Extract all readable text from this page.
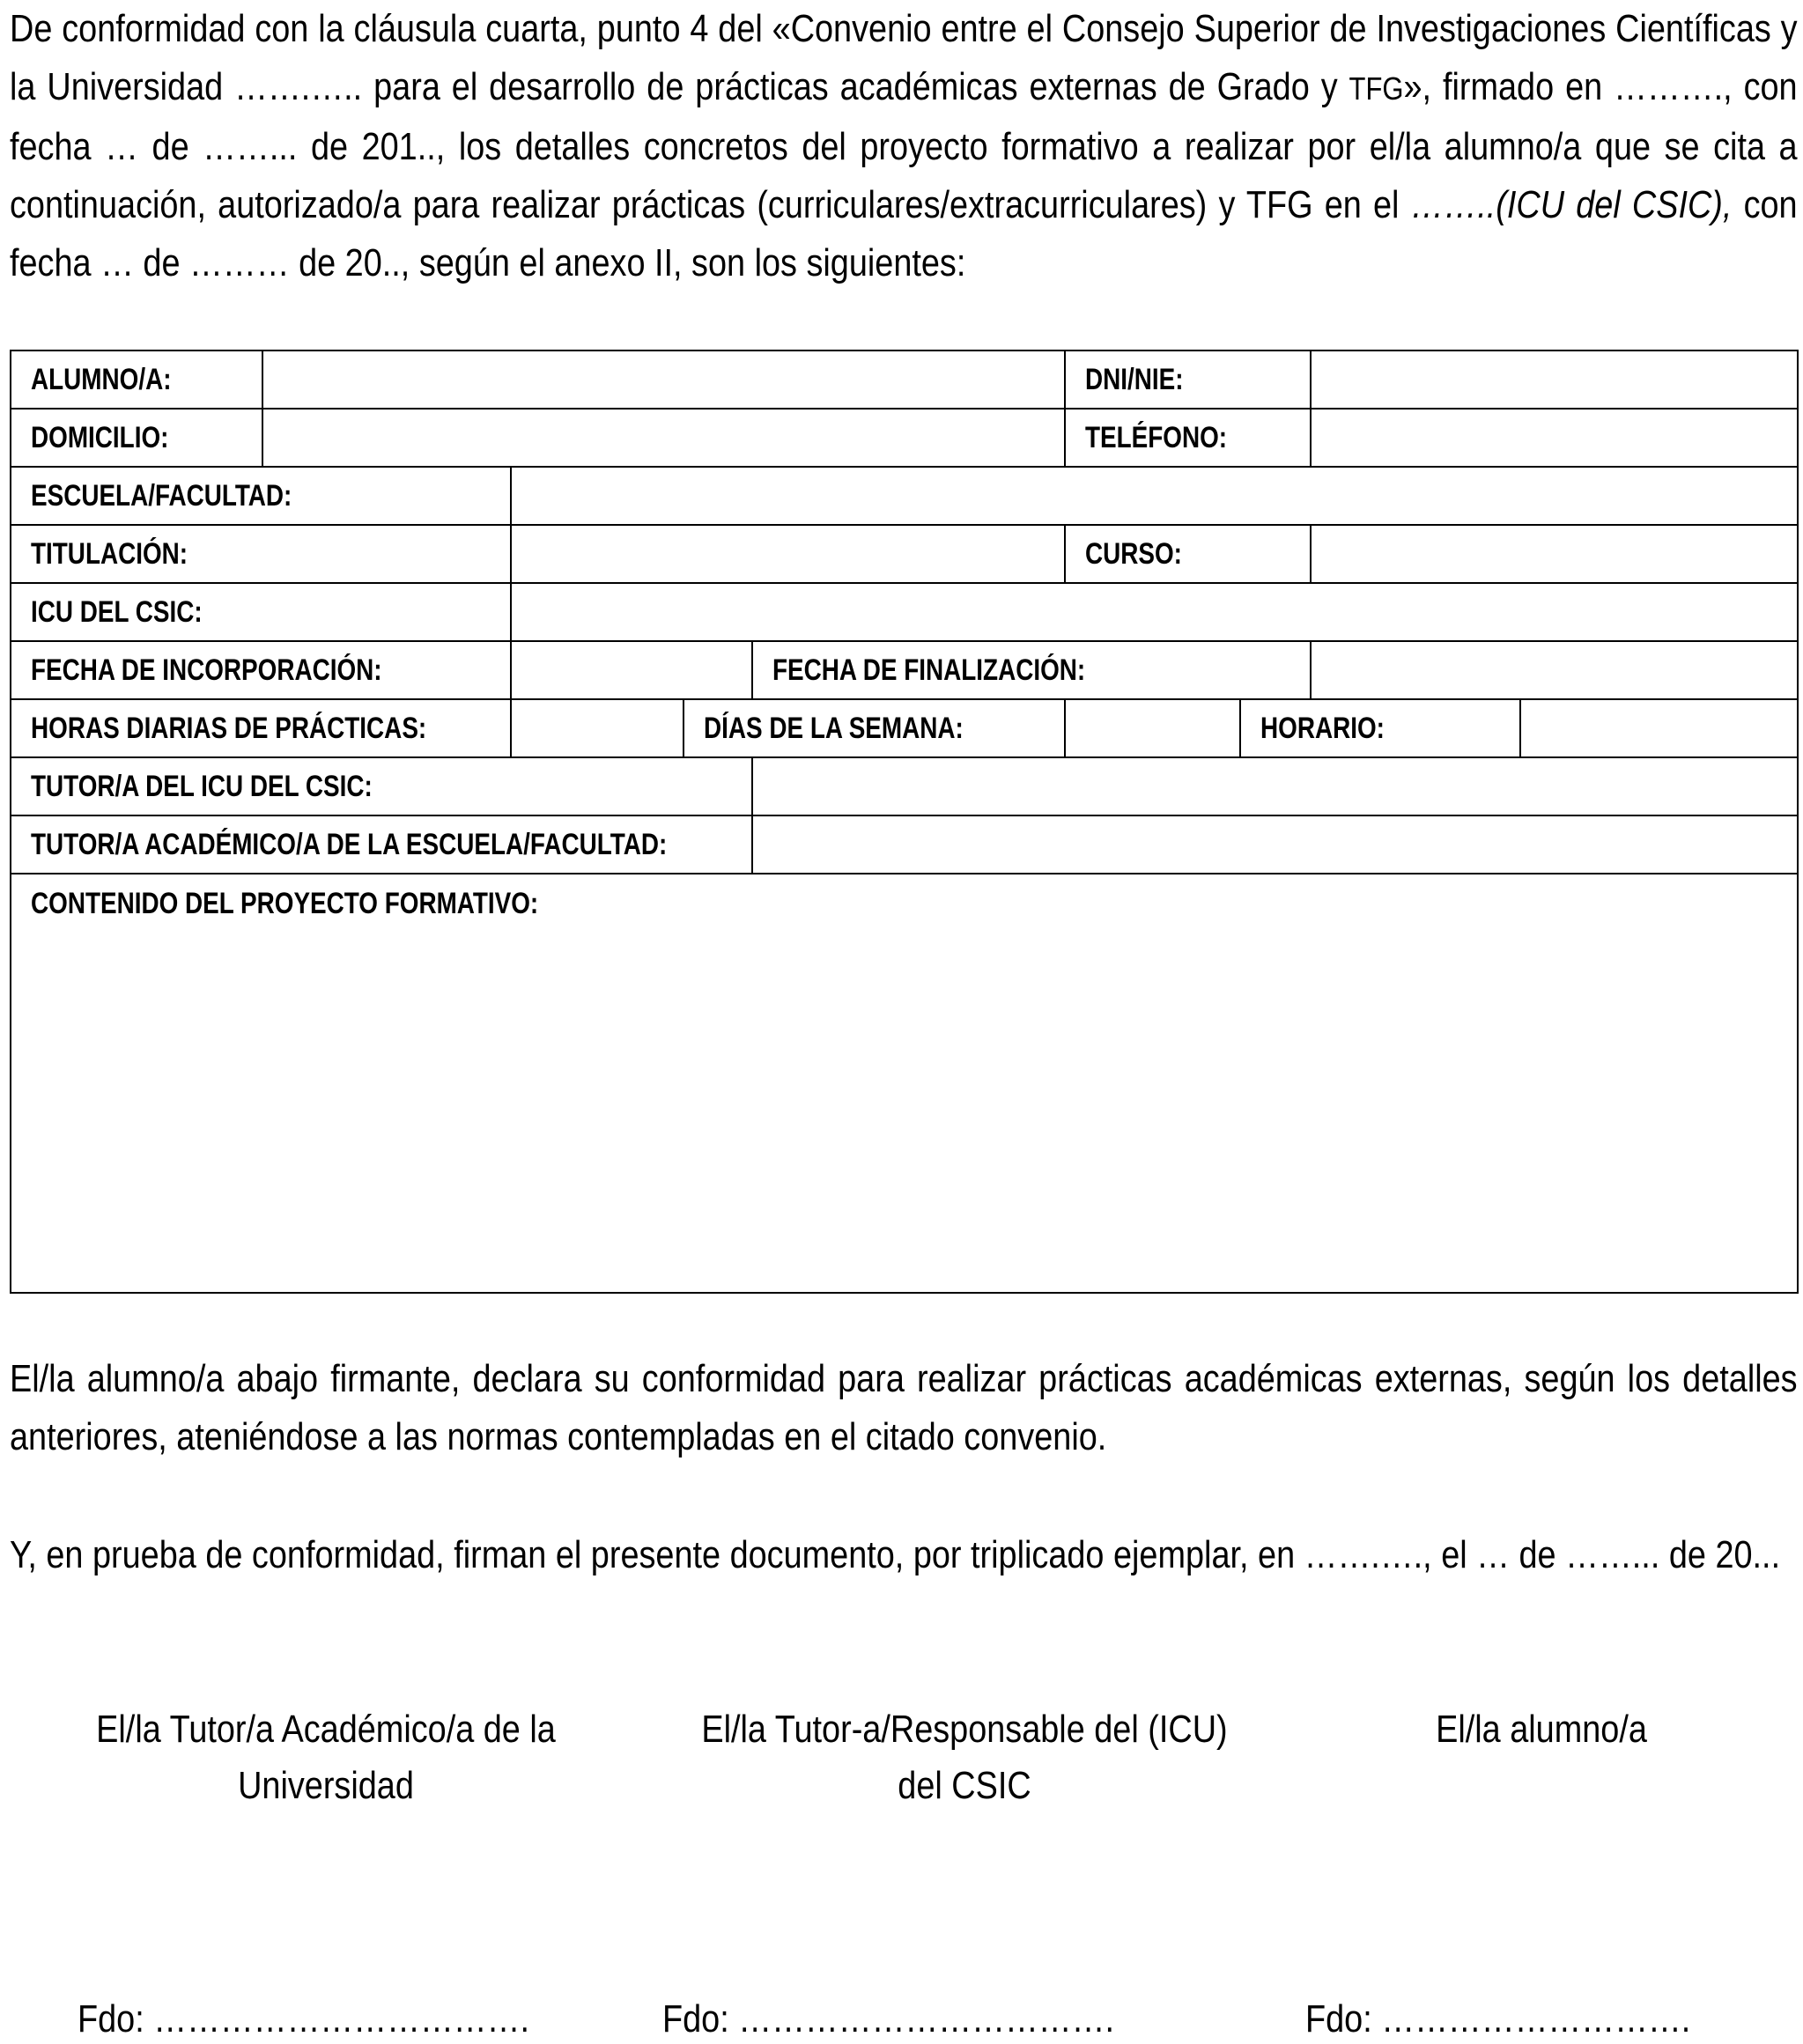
De conformidad con la cláusula cuarta, punto 4 del «Convenio entre el Consejo Superior de Investigaciones Científicas y la Universidad …….….. para el desarrollo de prácticas académicas externas de Grado y TFG», firmado en ………., con fecha … de ……... de 201.., los detalles concretos del proyecto formativo a realizar por el/la alumno/a que se cita a continuación, autorizado/a para realizar prácticas (curriculares/extracurriculares) y TFG en el ……..(ICU del CSIC), con fecha … de ……… de 20.., según el anexo II, son los siguientes:
ALUMNO/A:					DNI/NIE:			
DOMICILIO:					TELÉFONO:			
ESCUELA/FACULTAD:								
TITULACIÓN:					CURSO:			
ICU DEL CSIC:								
FECHA DE INCORPORACIÓN:				FECHA DE FINALIZACIÓN:				
HORAS DIARIAS DE PRÁCTICAS:			DÍAS DE LA SEMANA:			HORARIO:		
TUTOR/A DEL ICU DEL CSIC:								
TUTOR/A ACADÉMICO/A DE LA ESCUELA/FACULTAD:								
CONTENIDO DEL PROYECTO FORMATIVO:								
El/la alumno/a abajo firmante, declara su conformidad para realizar prácticas académicas externas, según los detalles anteriores, ateniéndose a las normas contempladas en el citado convenio.
Y, en prueba de conformidad, firman el presente documento, por triplicado ejemplar, en …….…., el … de ……... de 20...
El/la Tutor/a Académico/a de la Universidad
El/la Tutor-a/Responsable del (ICU) del CSIC
El/la alumno/a
Fdo: …………………………….	Fdo: …………………………….	Fdo: ……………………….
